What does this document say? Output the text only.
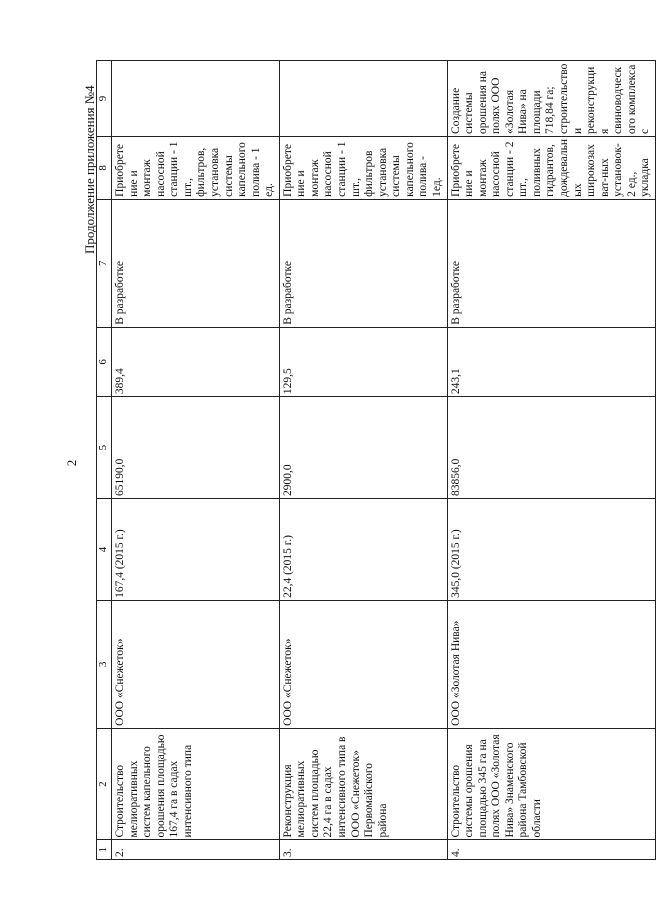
2
Продолжение приложения №4
1	2	3	4	5	6	7	8	9
2.	Строительство мелиоративных систем капельного орошения площадью 167,4 га в садах интенсивного типа	ООО «Снежеток»	167,4 (2015 г.)	65190,0	389,4	В разработке	Приобретение и монтаж насосной станции - 1 шт., фильтров, установка системы капельного полива - 1 ед.	
3.	Реконструкция мелиоративных систем площадью 22,4 га в садах интенсивного типа в ООО «Снежеток» Первомайского района	ООО «Снежеток»	22,4 (2015 г.)	2900,0	129,5	В разработке	Приобретение и монтаж насосной станции - 1 шт., фильтров установка системы капельного полива - 1ед.	
4.	Строительство системы орошения площадью 345 га на полях ООО «Золотая Нива» Знаменского района Тамбовской области	ООО «Золотая Нива»	345,0 (2015 г.)	83856,0	243,1	В разработке	Приобретение и монтаж насосной станции - 2 шт., поливных гидрантов, дождевальных широкозахват-ных установок- 2 ед., укладка	Создание системы орошения на полях ООО «Золотая Нива» на площади 718,84 га; строительство и реконструкция свиноводческого комплекса с
